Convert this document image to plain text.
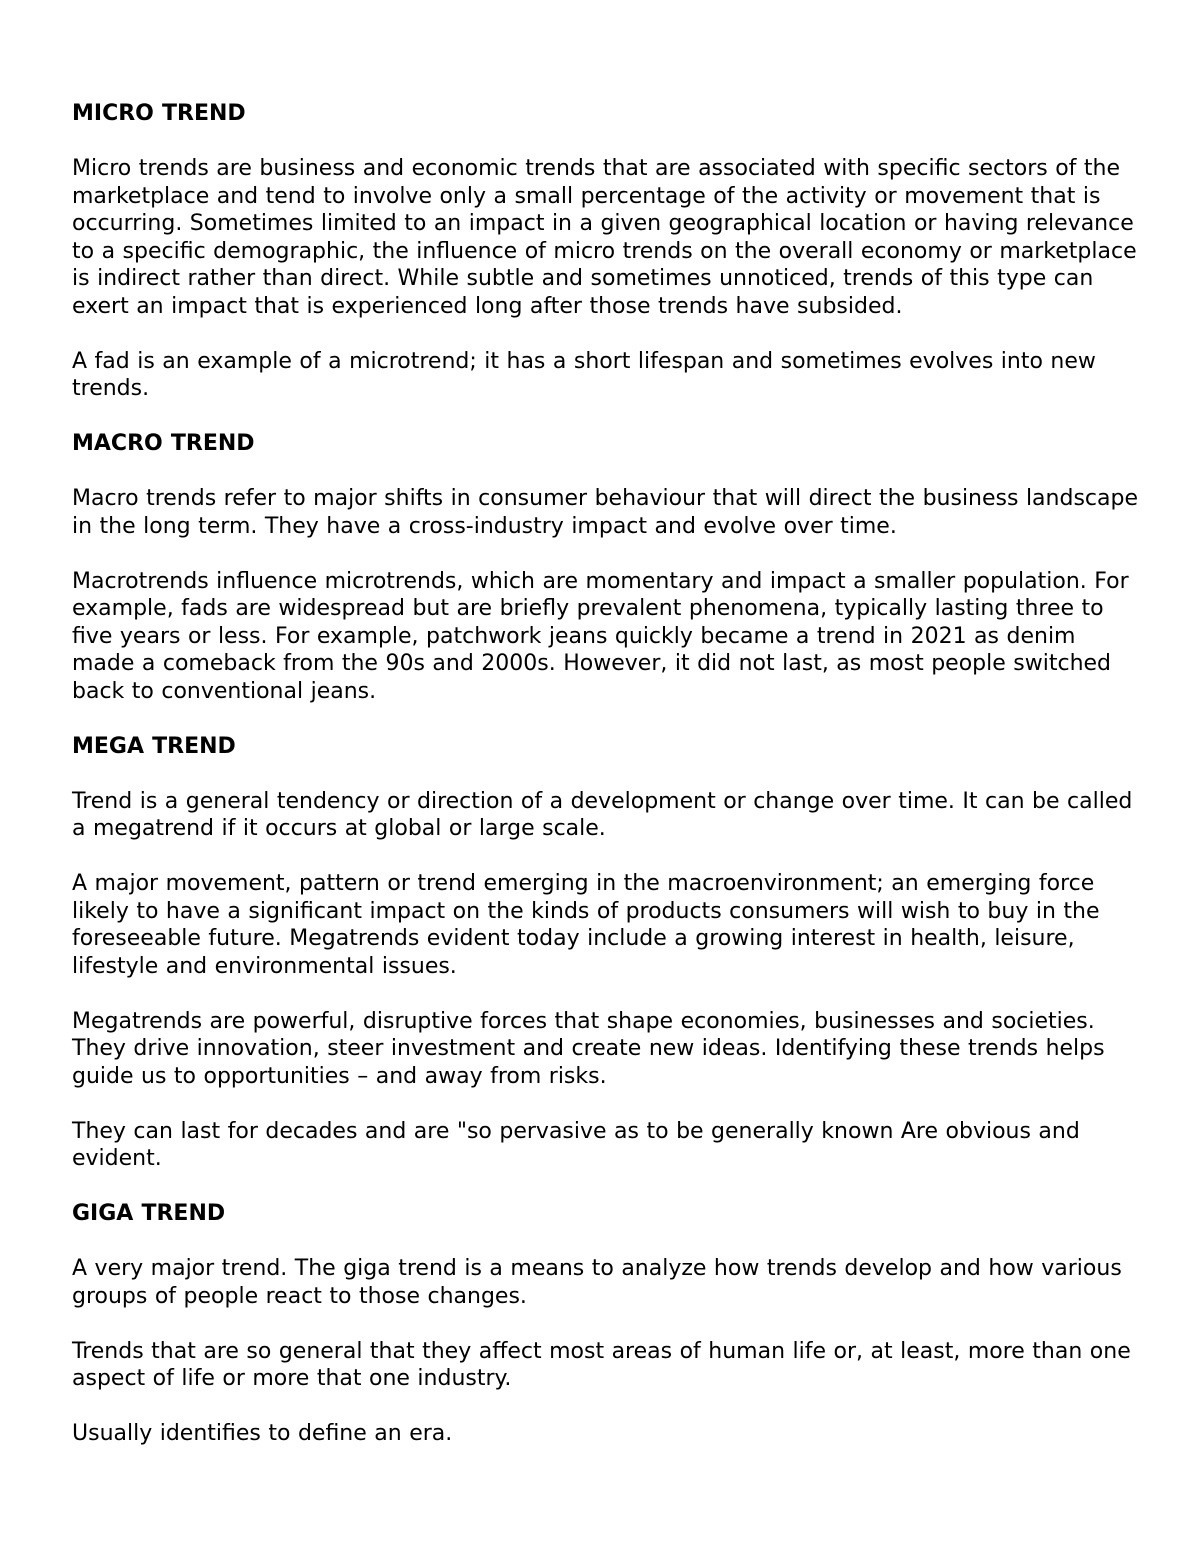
MICRO TREND
Micro trends are business and economic trends that are associated with specific sectors of the marketplace and tend to involve only a small percentage of the activity or movement that is occurring. Sometimes limited to an impact in a given geographical location or having relevance to a specific demographic, the influence of micro trends on the overall economy or marketplace is indirect rather than direct. While subtle and sometimes unnoticed, trends of this type can exert an impact that is experienced long after those trends have subsided.
A fad is an example of a microtrend; it has a short lifespan and sometimes evolves into new trends.
MACRO TREND
Macro trends refer to major shifts in consumer behaviour that will direct the business landscape in the long term. They have a cross-industry impact and evolve over time.
Macrotrends influence microtrends, which are momentary and impact a smaller population. For example, fads are widespread but are briefly prevalent phenomena, typically lasting three to five years or less. For example, patchwork jeans quickly became a trend in 2021 as denim made a comeback from the 90s and 2000s. However, it did not last, as most people switched back to conventional jeans.
MEGA TREND
Trend is a general tendency or direction of a development or change over time. It can be called a megatrend if it occurs at global or large scale.
A major movement, pattern or trend emerging in the macroenvironment; an emerging force likely to have a significant impact on the kinds of products consumers will wish to buy in the foreseeable future. Megatrends evident today include a growing interest in health, leisure, lifestyle and environmental issues.
Megatrends are powerful, disruptive forces that shape economies, businesses and societies. They drive innovation, steer investment and create new ideas. Identifying these trends helps guide us to opportunities – and away from risks.
They can last for decades and are "so pervasive as to be generally known Are obvious and evident.
GIGA TREND
A very major trend. The giga trend is a means to analyze how trends develop and how various groups of people react to those changes.
Trends that are so general that they affect most areas of human life or, at least, more than one aspect of life or more that one industry.
Usually identifies to define an era.
